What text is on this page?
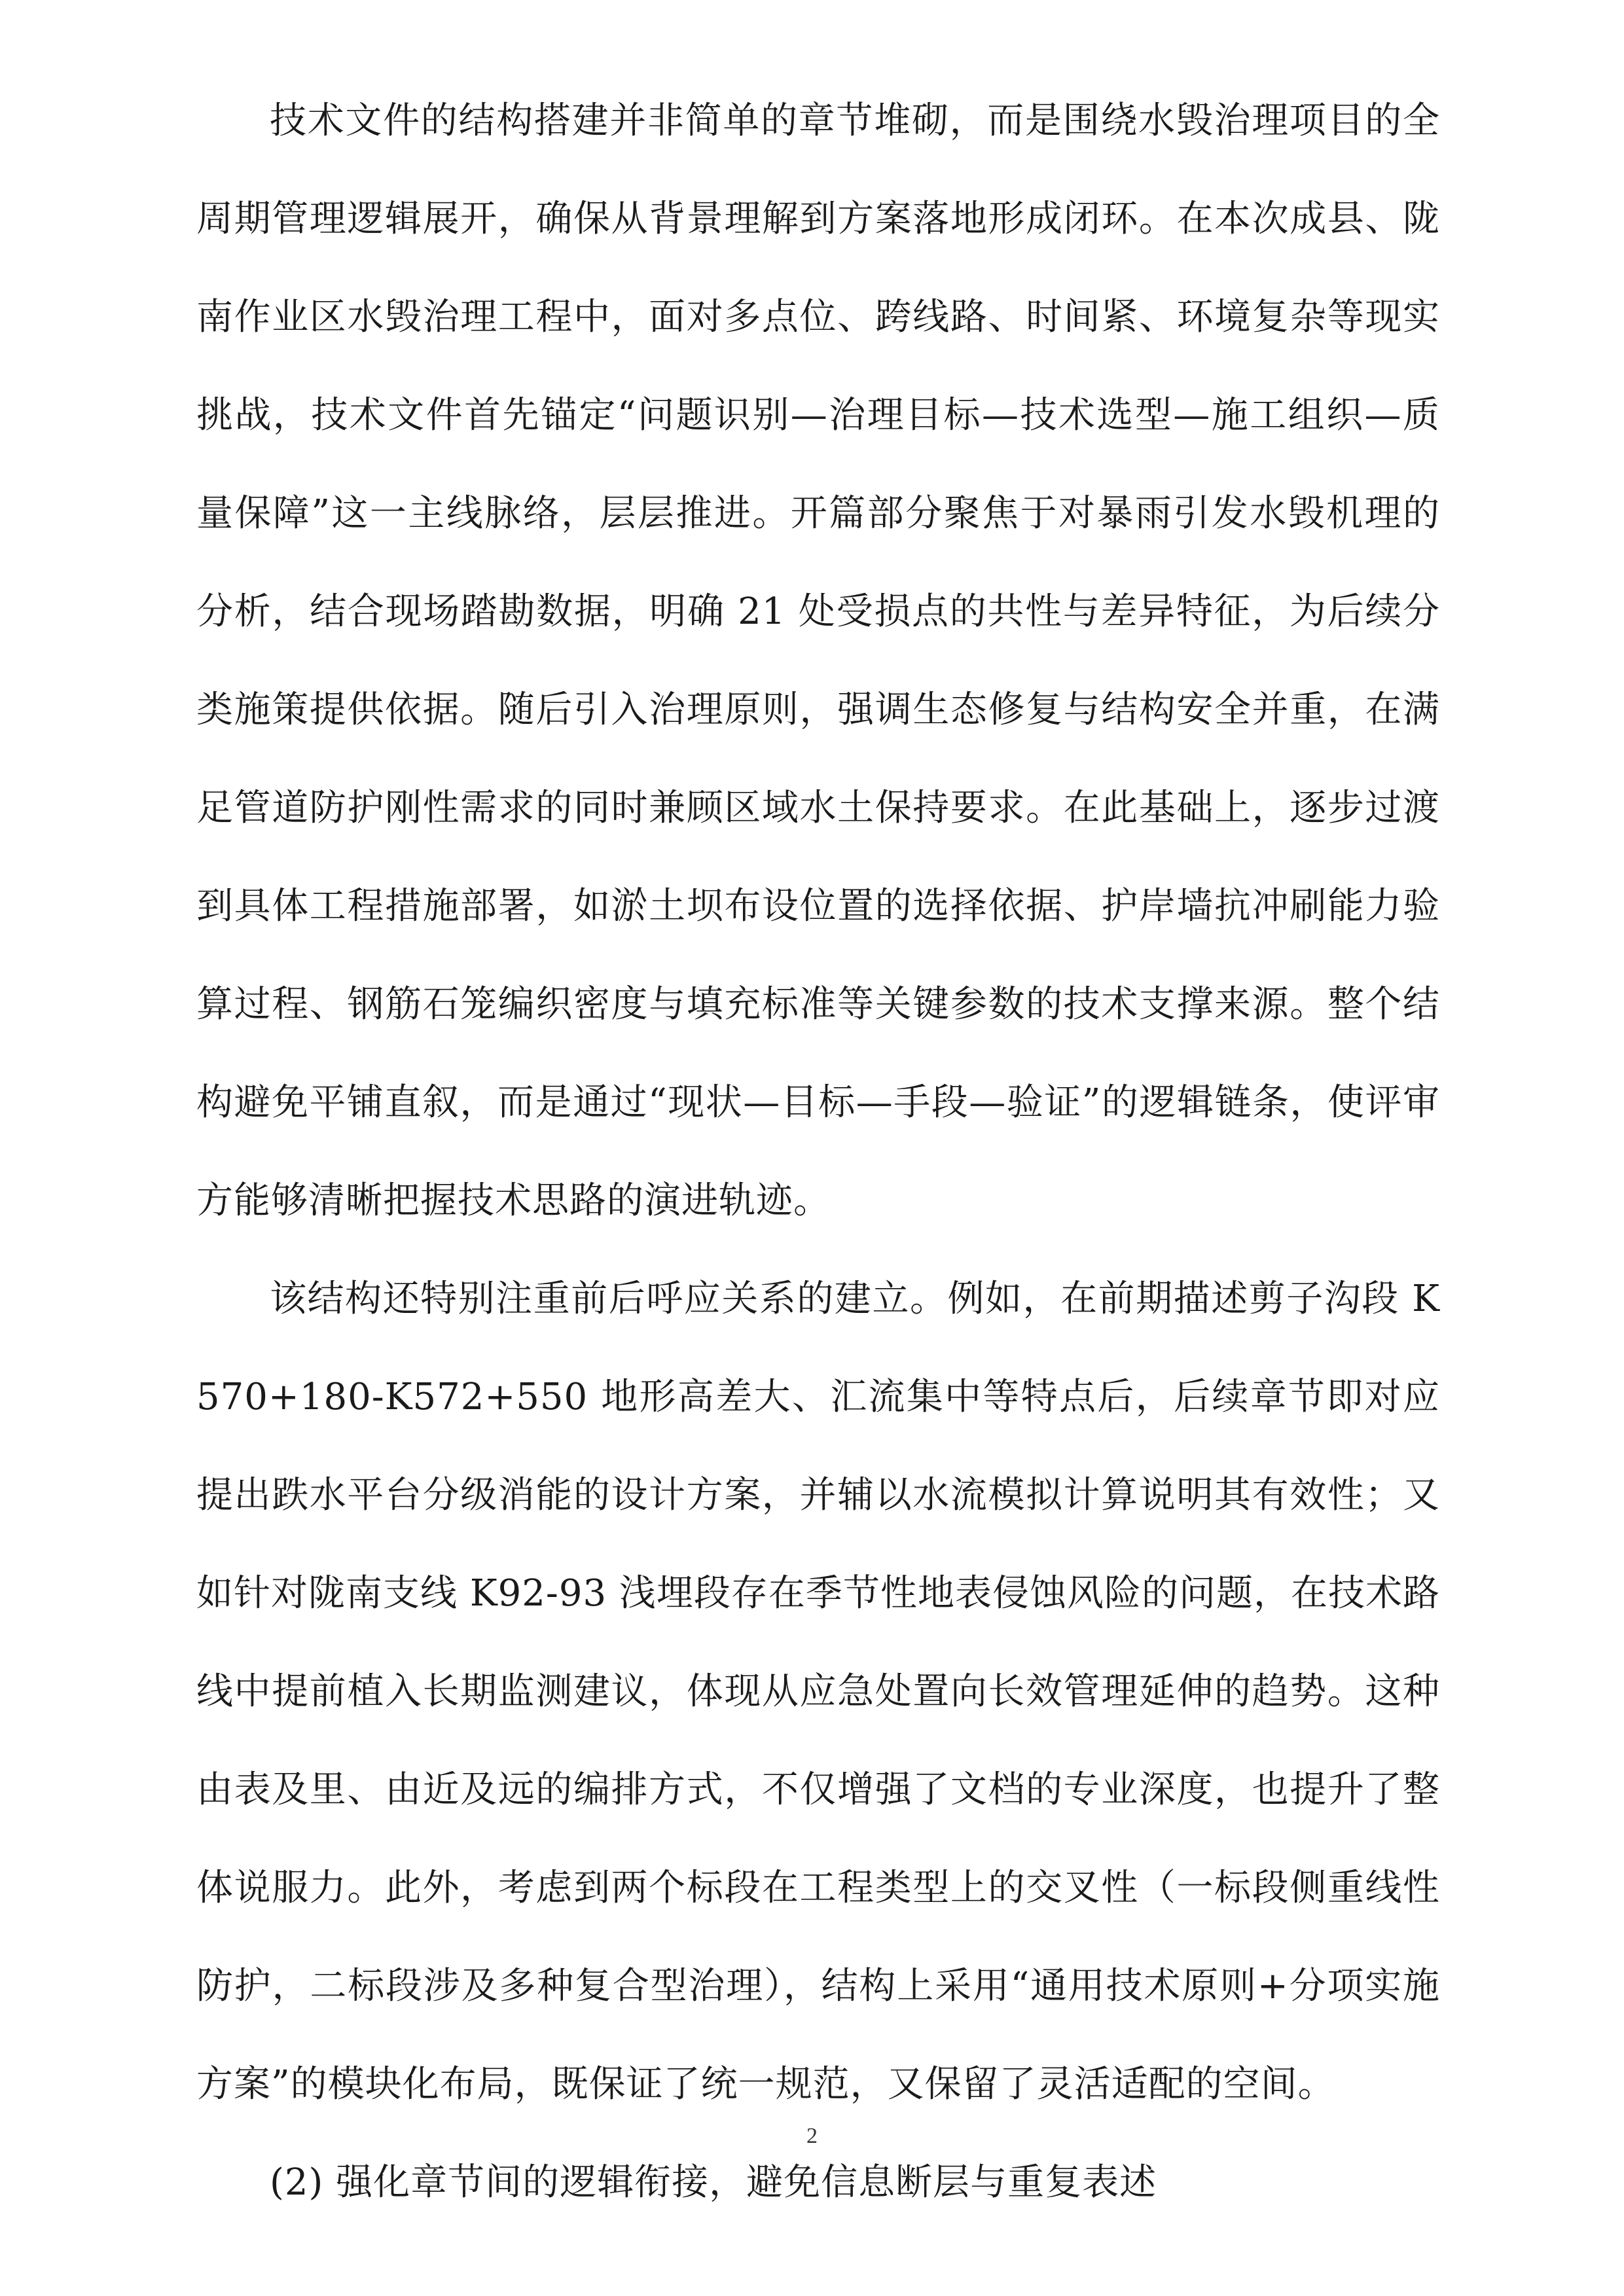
技术文件的结构搭建并非简单的章节堆砌，而是围绕水毁治理项目的全周期管理逻辑展开，确保从背景理解到方案落地形成闭环。在本次成县、陇南作业区水毁治理工程中，面对多点位、跨线路、时间紧、环境复杂等现实挑战，技术文件首先锚定“问题识别—治理目标—技术选型—施工组织—质量保障”这一主线脉络，层层推进。开篇部分聚焦于对暴雨引发水毁机理的分析，结合现场踏勘数据，明确 21 处受损点的共性与差异特征，为后续分类施策提供依据。随后引入治理原则，强调生态修复与结构安全并重，在满足管道防护刚性需求的同时兼顾区域水土保持要求。在此基础上，逐步过渡到具体工程措施部署，如淤土坝布设位置的选择依据、护岸墙抗冲刷能力验算过程、钢筋石笼编织密度与填充标准等关键参数的技术支撑来源。整个结构避免平铺直叙，而是通过“现状—目标—手段—验证”的逻辑链条，使评审方能够清晰把握技术思路的演进轨迹。

该结构还特别注重前后呼应关系的建立。例如，在前期描述剪子沟段 K570+180-K572+550 地形高差大、汇流集中等特点后，后续章节即对应提出跌水平台分级消能的设计方案，并辅以水流模拟计算说明其有效性；又如针对陇南支线 K92-93 浅埋段存在季节性地表侵蚀风险的问题，在技术路线中提前植入长期监测建议，体现从应急处置向长效管理延伸的趋势。这种由表及里、由近及远的编排方式，不仅增强了文档的专业深度，也提升了整体说服力。此外，考虑到两个标段在工程类型上的交叉性（一标段侧重线性防护，二标段涉及多种复合型治理），结构上采用“通用技术原则+分项实施方案”的模块化布局，既保证了统一规范，又保留了灵活适配的空间。

(2) 强化章节间的逻辑衔接，避免信息断层与重复表述

2
